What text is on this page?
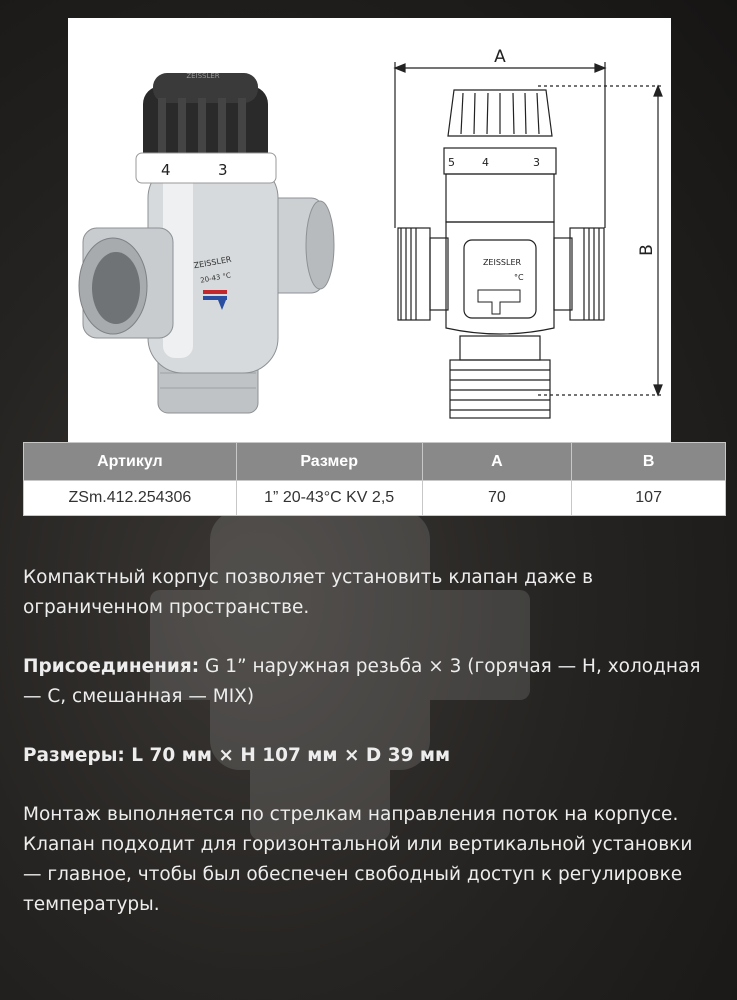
ZEISSLER
4	3
ZEISSLER
20-43 °C
A
B
5 4	3
ZEISSLER
°C
Артикул	Размер	A	B
ZSm.412.254306	1” 20-43°C KV 2,5	70	107

Компактный корпус позволяет установить клапан даже в ограниченном пространстве.

Присоединения: G 1” наружная резьба × 3 (горячая — H, холодная — C, смешанная — MIX)

Размеры: L 70 мм × H 107 мм × D 39 мм

Монтаж выполняется по стрелкам направления поток на корпусе.
Клапан подходит для горизонтальной или вертикальной установки — главное, чтобы был обеспечен свободный доступ к регулировке температуры.
